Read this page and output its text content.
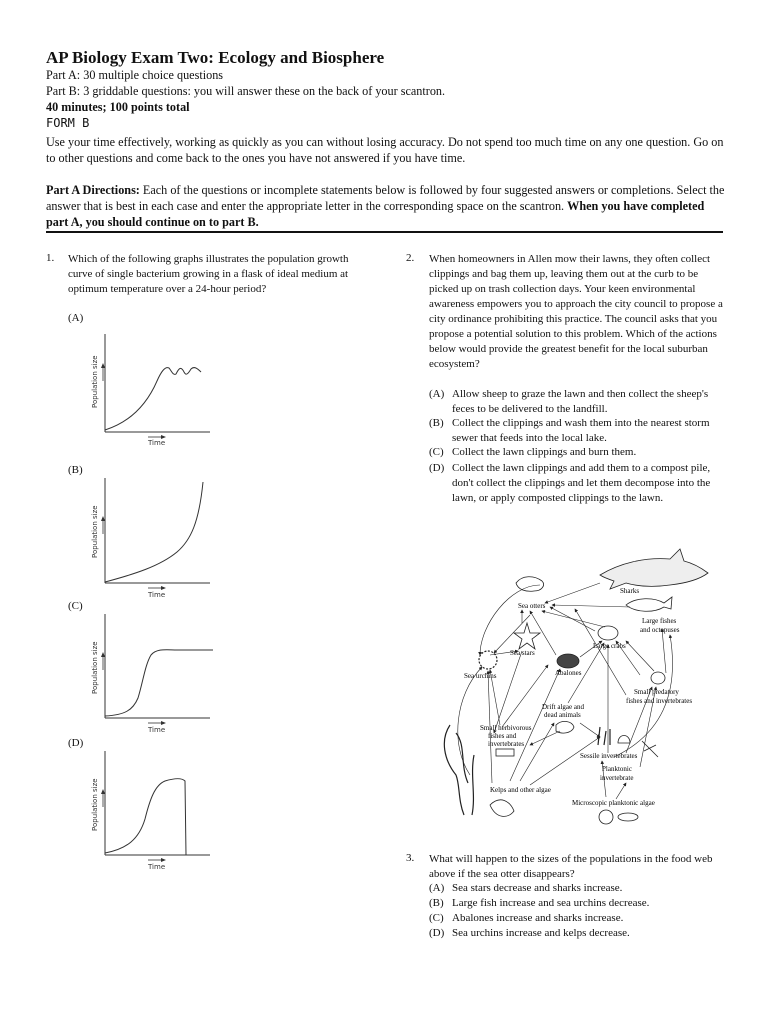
AP Biology Exam Two: Ecology and Biosphere
Part A: 30 multiple choice questions
Part B: 3 griddable questions: you will answer these on the back of your scantron.
40 minutes; 100 points total
FORM B
Use your time effectively, working as quickly as you can without losing accuracy. Do not spend too much time on any one question. Go on to other questions and come back to the ones you have not answered if you have time.
Part A Directions: Each of the questions or incomplete statements below is followed by four suggested answers or completions. Select the answer that is best in each case and enter the appropriate letter in the corresponding space on the scantron. When you have completed part A, you should continue on to part B.
1. Which of the following graphs illustrates the population growth curve of single bacterium growing in a flask of ideal medium at optimum temperature over a 24-hour period?
(A)
Population size
Time
(B)
Population size
Time
(C)
Population size
Time
(D)
Population size
Time
2. When homeowners in Allen mow their lawns, they often collect clippings and bag them up, leaving them out at the curb to be picked up on trash collection days. Your keen environmental awareness empowers you to approach the city council to propose a city ordinance prohibiting this practice. The council asks that you propose a potential solution to this problem. Which of the actions below would provide the greatest benefit for the local suburban ecosystem?
(A) Allow sheep to graze the lawn and then collect the sheep's feces to be delivered to the landfill.
(B) Collect the clippings and wash them into the nearest storm sewer that feeds into the local lake.
(C) Collect the lawn clippings and burn them.
(D) Collect the lawn clippings and add them to a compost pile, don't collect the clippings and let them decompose into the lawn, or apply composted clippings to the lawn.
Sharks
Sea otters
Large fishes
and octopuses
Sea stars
Large crabs
Sea urchins	Abalones
Small predatory
fishes and invertebrates
Drift algae and
dead animals
Small herbivorous
fishes and
invertebrates
Sessile invertebrates
Planktonic
invertebrate
Kelps and other algae
Microscopic planktonic algae
3. What will happen to the sizes of the populations in the food web above if the sea otter disappears?
(A) Sea stars decrease and sharks increase.
(B) Large fish increase and sea urchins decrease.
(C) Abalones increase and sharks increase.
(D) Sea urchins increase and kelps decrease.
